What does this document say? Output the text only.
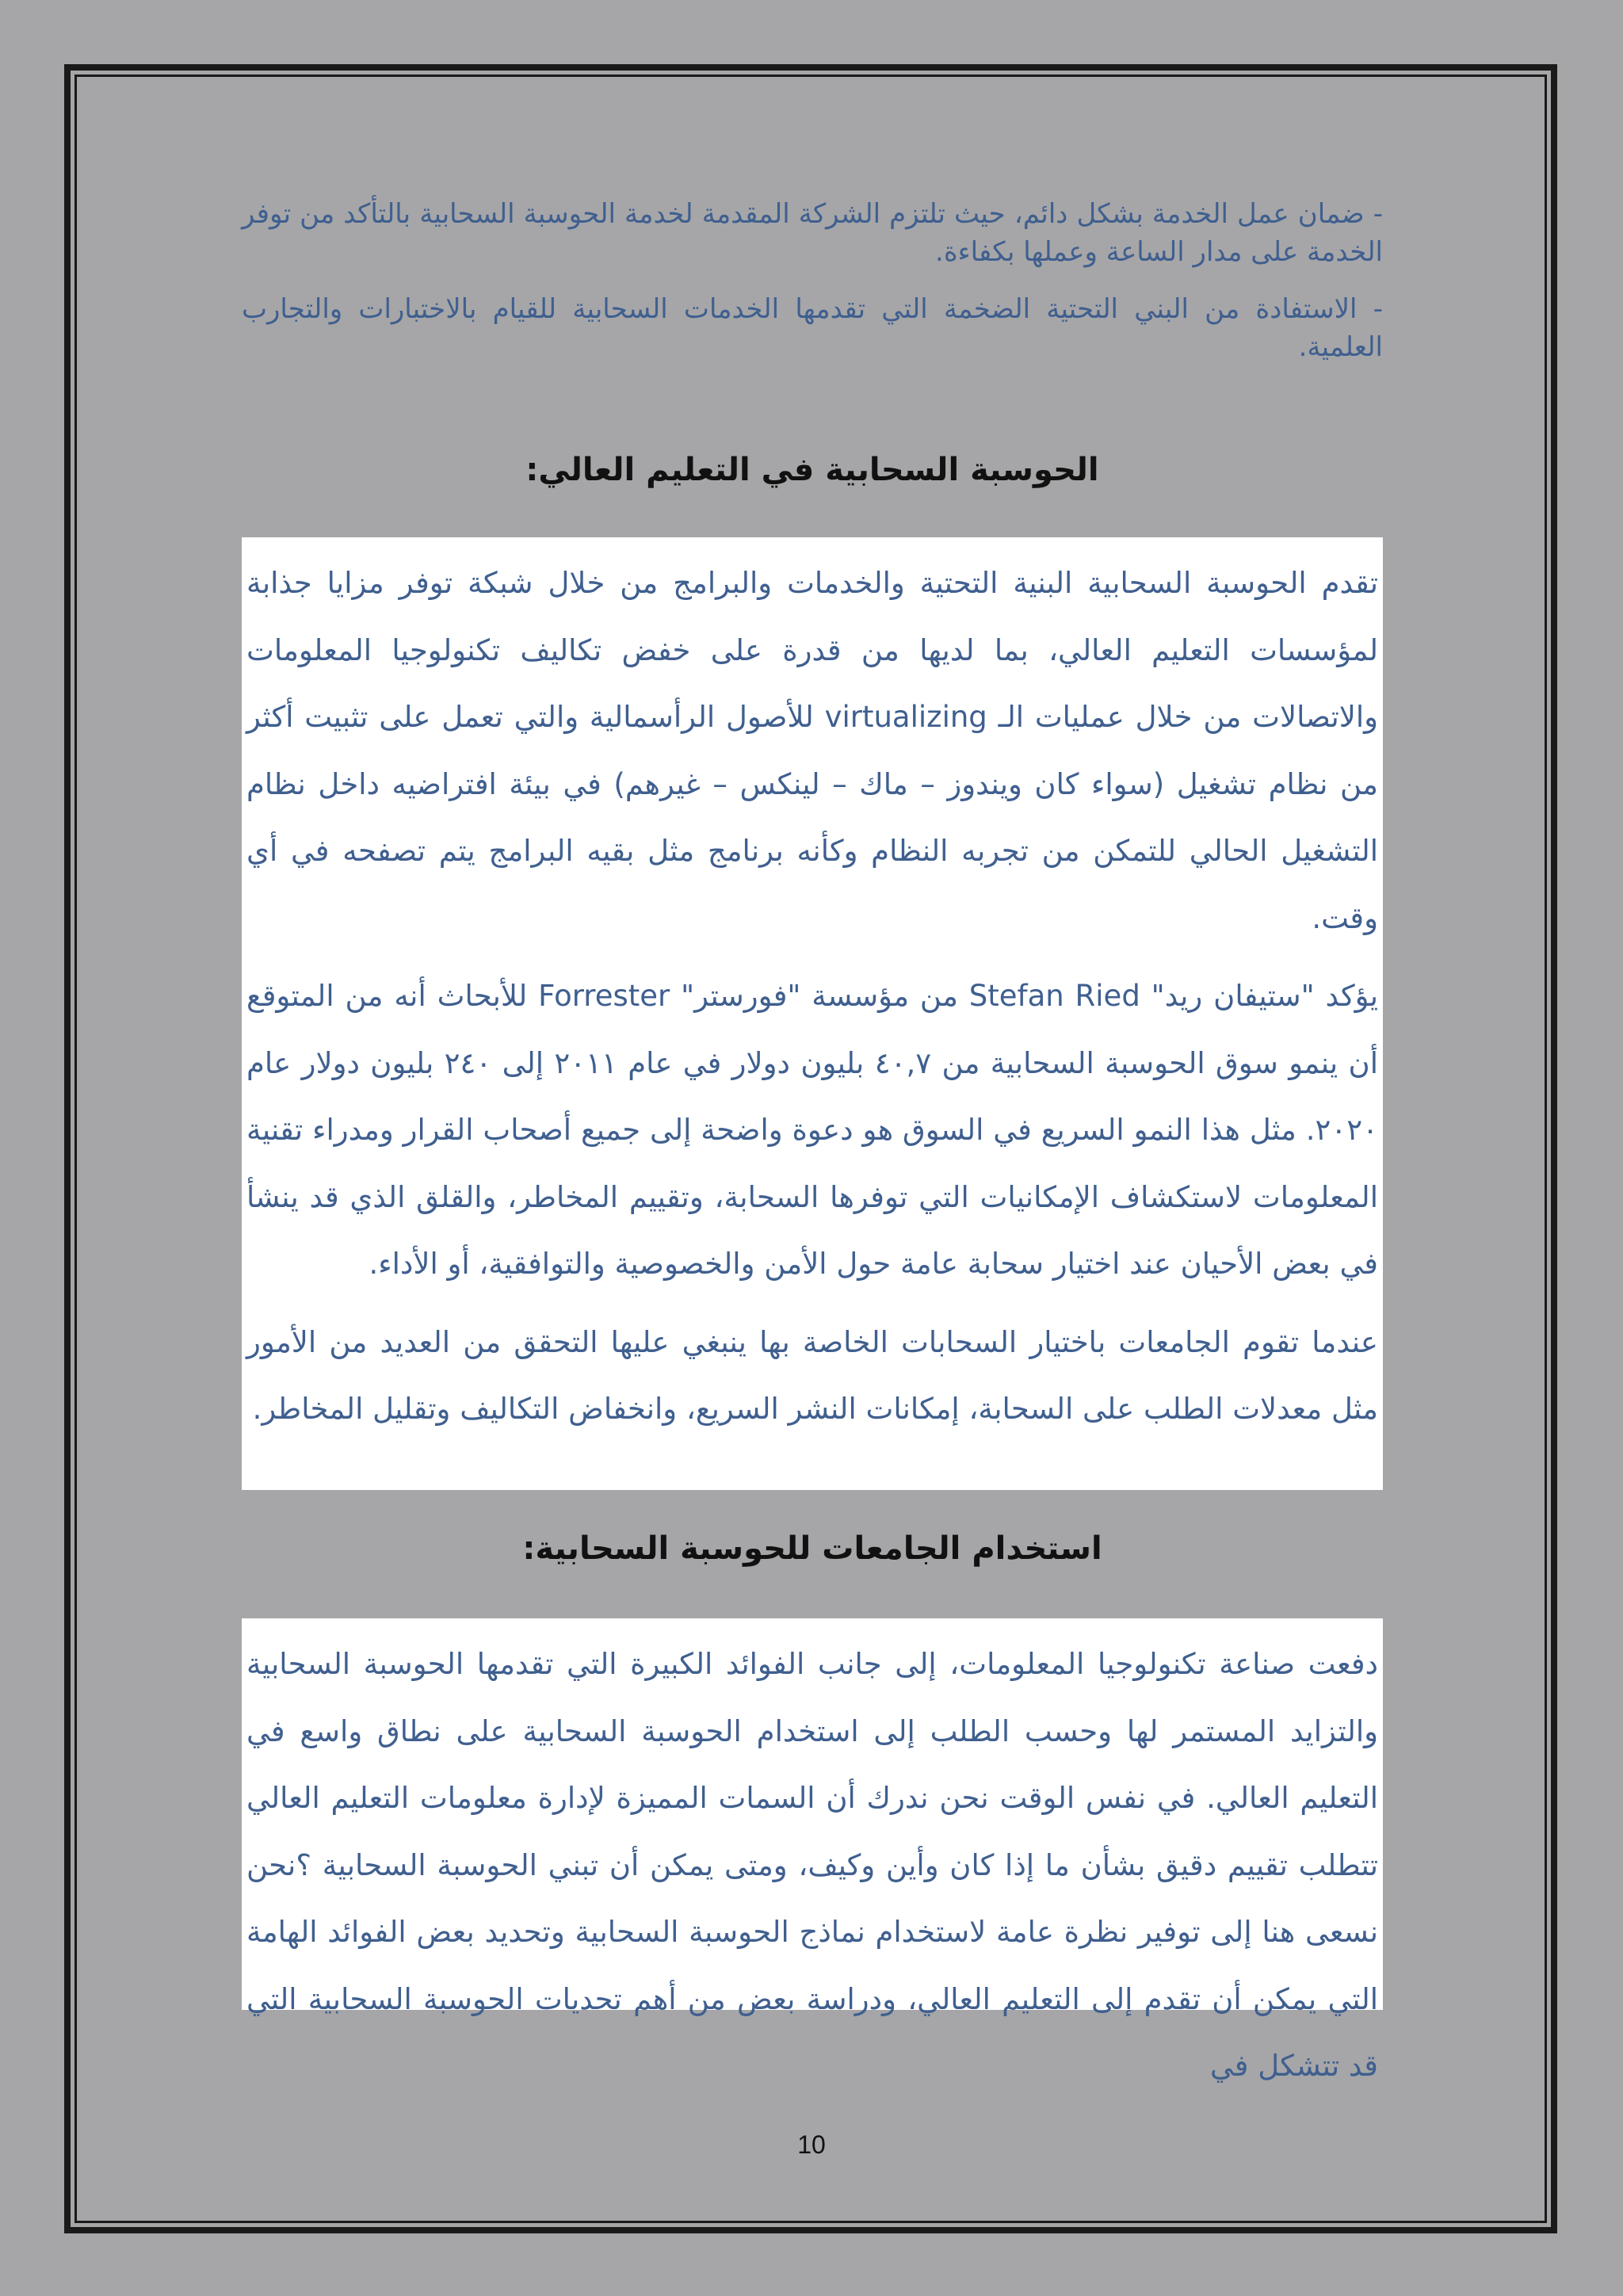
- ضمان عمل الخدمة بشكل دائم، حيث تلتزم الشركة المقدمة لخدمة الحوسبة السحابية بالتأكد من توفر الخدمة على مدار الساعة وعملها بكفاءة.

- الاستفادة من البني التحتية الضخمة التي تقدمها الخدمات السحابية للقيام بالاختبارات والتجارب العلمية.

الحوسبة السحابية في التعليم العالي:

تقدم الحوسبة السحابية البنية التحتية والخدمات والبرامج من خلال شبكة توفر مزايا جذابة لمؤسسات التعليم العالي، بما لديها من قدرة على خفض تكاليف تكنولوجيا المعلومات والاتصالات من خلال عمليات الـ virtualizing للأصول الرأسمالية والتي تعمل على تثبيت أكثر من نظام تشغيل (سواء كان ويندوز – ماك – لينكس – غيرهم) في بيئة افتراضيه داخل نظام التشغيل الحالي للتمكن من تجربه النظام وكأنه برنامج مثل بقيه البرامج يتم تصفحه في أي وقت.

يؤكد "ستيفان ريد" Stefan Ried من مؤسسة "فورستر" Forrester للأبحاث أنه من المتوقع أن ينمو سوق الحوسبة السحابية من ٤٠,٧ بليون دولار في عام ٢٠١١ إلى ٢٤٠ بليون دولار عام ٢٠٢٠. مثل هذا النمو السريع في السوق هو دعوة واضحة إلى جميع أصحاب القرار ومدراء تقنية المعلومات لاستكشاف الإمكانيات التي توفرها السحابة، وتقييم المخاطر، والقلق الذي قد ينشأ في بعض الأحيان عند اختيار سحابة عامة حول الأمن والخصوصية والتوافقية، أو الأداء.

عندما تقوم الجامعات باختيار السحابات الخاصة بها ينبغي عليها التحقق من العديد من الأمور مثل معدلات الطلب على السحابة، إمكانات النشر السريع، وانخفاض التكاليف وتقليل المخاطر.

استخدام الجامعات للحوسبة السحابية:

دفعت صناعة تكنولوجيا المعلومات، إلى جانب الفوائد الكبيرة التي تقدمها الحوسبة السحابية والتزايد المستمر لها وحسب الطلب إلى استخدام الحوسبة السحابية على نطاق واسع في التعليم العالي. في نفس الوقت نحن ندرك أن السمات المميزة لإدارة معلومات التعليم العالي تتطلب تقييم دقيق بشأن ما إذا كان وأين وكيف، ومتى يمكن أن تبني الحوسبة السحابية ؟نحن نسعى هنا إلى توفير نظرة عامة لاستخدام نماذج الحوسبة السحابية وتحديد بعض الفوائد الهامة التي يمكن أن تقدم إلى التعليم العالي، ودراسة بعض من أهم تحديات الحوسبة السحابية التي قد تتشكل في

10
